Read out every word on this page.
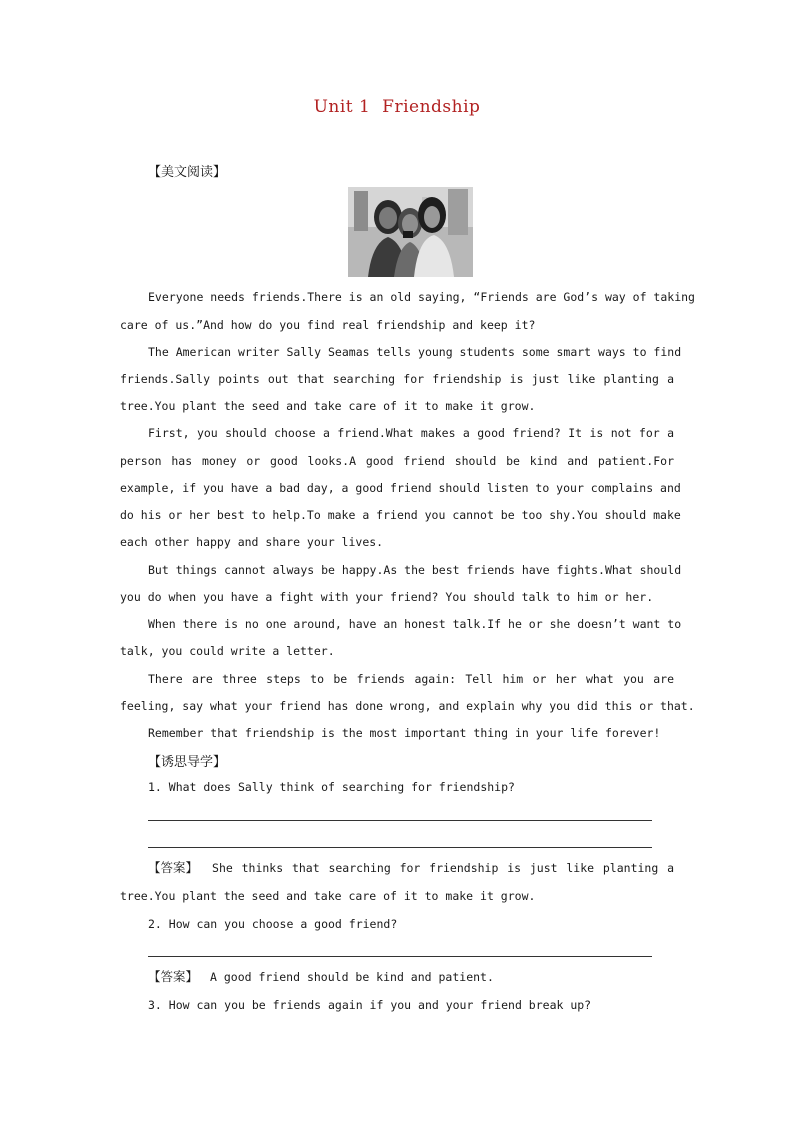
Unit 1  Friendship
【美文阅读】
Everyone needs friends.There is an old saying, “Friends are God’s way of taking
care of us.”And how do you find real friendship and keep it?
The American writer Sally Seamas tells young students some smart ways to find
friends.Sally points out that searching for friendship is just like planting a
tree.You plant the seed and take care of it to make it grow.
First, you should choose a friend.What makes a good friend? It is not for a
person has money or good looks.A good friend should be kind and patient.For
example, if you have a bad day, a good friend should listen to your complains and
do his or her best to help.To make a friend you cannot be too shy.You should make
each other happy and share your lives.
But things cannot always be happy.As the best friends have fights.What should
you do when you have a fight with your friend? You should talk to him or her.
When there is no one around, have an honest talk.If he or she doesn’t want to
talk, you could write a letter.
There are three steps to be friends again: Tell him or her what you are
feeling, say what your friend has done wrong, and explain why you did this or that.
Remember that friendship is the most important thing in your life forever!
【诱思导学】
1. What does Sally think of searching for friendship?
【答案】 She thinks that searching for friendship is just like planting a
tree.You plant the seed and take care of it to make it grow.
2. How can you choose a good friend?
【答案】 A good friend should be kind and patient.
3. How can you be friends again if you and your friend break up?
